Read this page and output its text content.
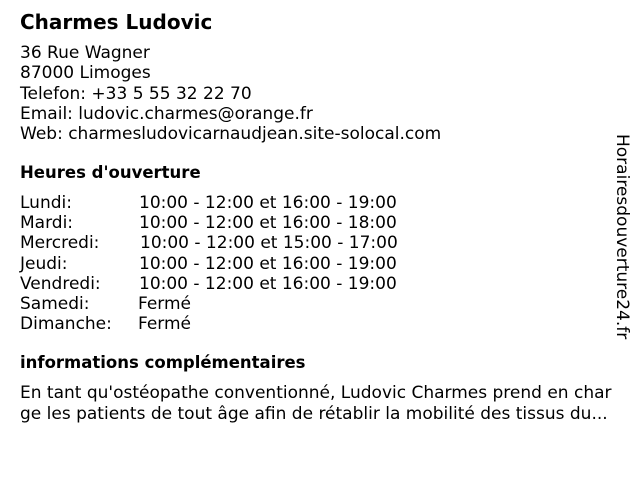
Charmes Ludovic
36 Rue Wagner
87000 Limoges
Telefon: +33 5 55 32 22 70
Email: ludovic.charmes@orange.fr
Web: charmesludovicarnaudjean.site-solocal.com
Heures d'ouverture
Lundi:	10:00 - 12:00 et 16:00 - 19:00
Mardi:	10:00 - 12:00 et 16:00 - 18:00
Mercredi: 10:00 - 12:00 et 15:00 - 17:00
Jeudi:	10:00 - 12:00 et 16:00 - 19:00
Vendredi: 10:00 - 12:00 et 16:00 - 19:00
Samedi:	Fermé
Dimanche: Fermé
informations complémentaires
En tant qu'ostéopathe conventionné, Ludovic Charmes prend en char
ge les patients de tout âge afin de rétablir la mobilité des tissus du...
Horairesdouverture24.fr
